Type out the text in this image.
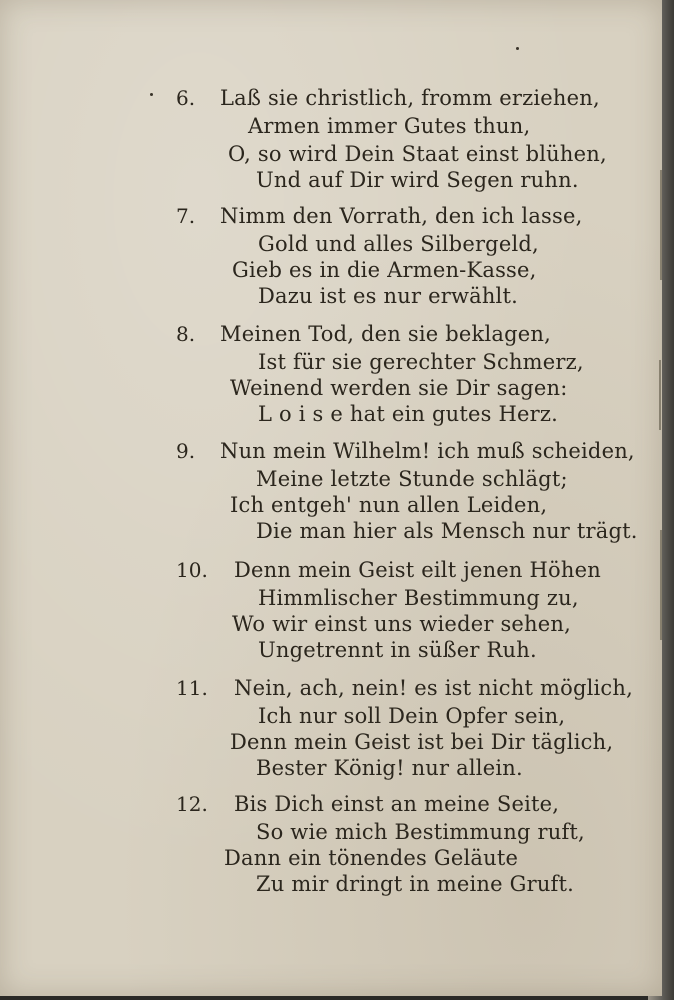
6. Laß sie christlich, fromm erziehen,
Armen immer Gutes thun,
O, so wird Dein Staat einst blühen,
Und auf Dir wird Segen ruhn.
7. Nimm den Vorrath, den ich lasse,
Gold und alles Silbergeld,
Gieb es in die Armen-Kasse,
Dazu ist es nur erwählt.
8. Meinen Tod, den sie beklagen,
Ist für sie gerechter Schmerz,
Weinend werden sie Dir sagen:
L o i s e hat ein gutes Herz.
9. Nun mein Wilhelm! ich muß scheiden,
Meine letzte Stunde schlägt;
Ich entgeh' nun allen Leiden,
Die man hier als Mensch nur trägt.
10. Denn mein Geist eilt jenen Höhen
Himmlischer Bestimmung zu,
Wo wir einst uns wieder sehen,
Ungetrennt in süßer Ruh.
11. Nein, ach, nein! es ist nicht möglich,
Ich nur soll Dein Opfer sein,
Denn mein Geist ist bei Dir täglich,
Bester König! nur allein.
12. Bis Dich einst an meine Seite,
So wie mich Bestimmung ruft,
Dann ein tönendes Geläute
Zu mir dringt in meine Gruft.
